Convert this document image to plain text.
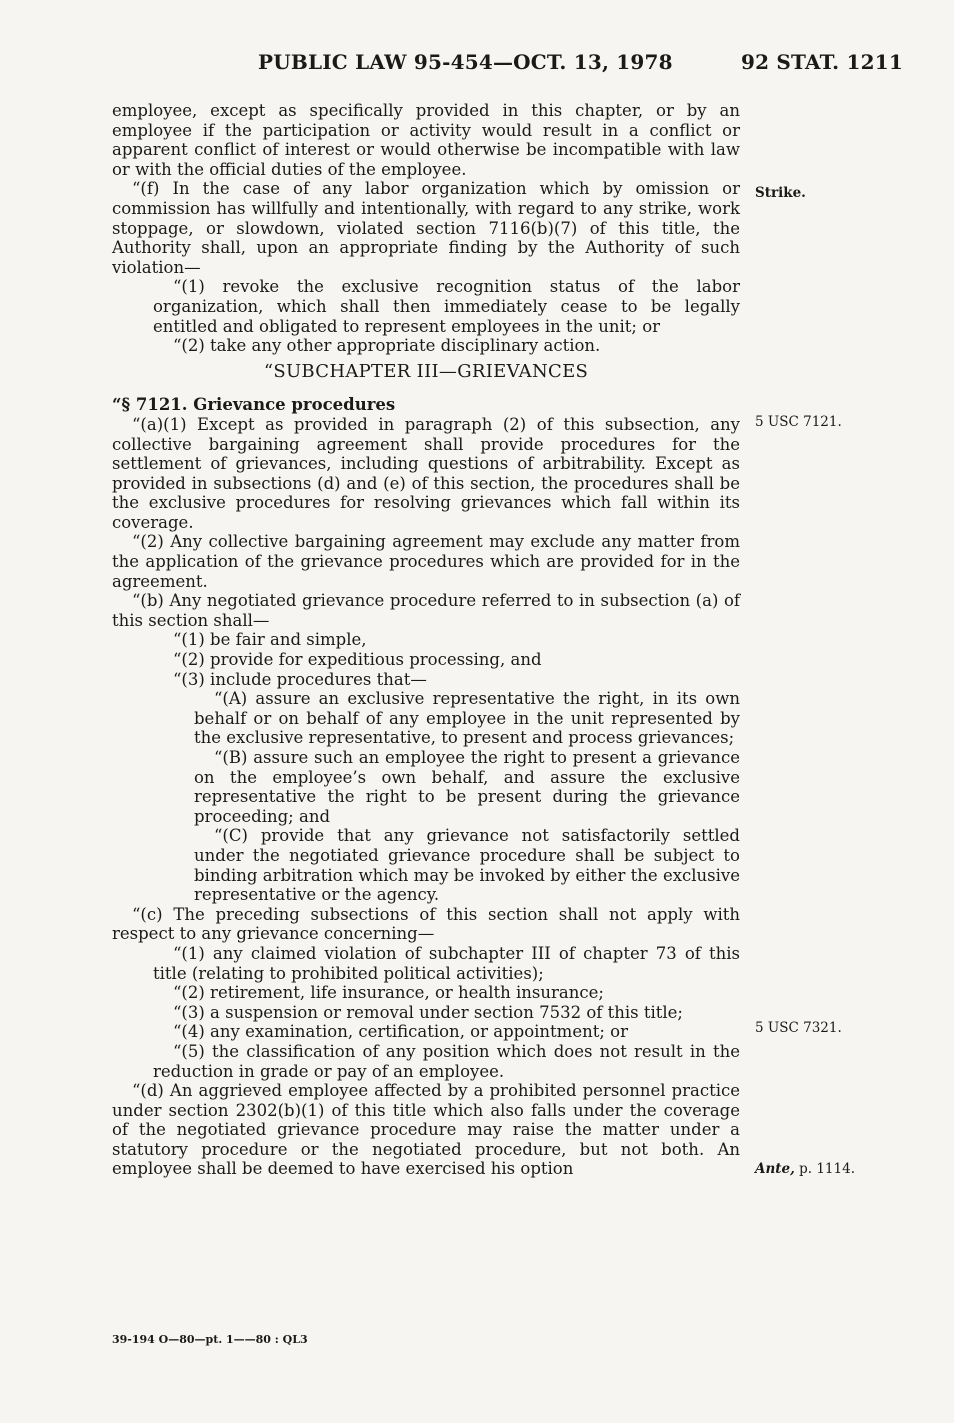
PUBLIC LAW 95-454—OCT. 13, 1978	92 STAT. 1211

employee, except as specifically provided in this chapter, or by an employee if the participation or activity would result in a conflict or apparent conflict of interest or would otherwise be incompatible with law or with the official duties of the employee.

“(f) In the case of any labor organization which by omission or commission has willfully and intentionally, with regard to any strike, work stoppage, or slowdown, violated section 7116(b)(7) of this title, the Authority shall, upon an appropriate finding by the Authority of such violation—

“(1) revoke the exclusive recognition status of the labor organization, which shall then immediately cease to be legally entitled and obligated to represent employees in the unit; or

“(2) take any other appropriate disciplinary action.

“SUBCHAPTER III—GRIEVANCES

“§ 7121. Grievance procedures

“(a)(1) Except as provided in paragraph (2) of this subsection, any collective bargaining agreement shall provide procedures for the settlement of grievances, including questions of arbitrability. Except as provided in subsections (d) and (e) of this section, the procedures shall be the exclusive procedures for resolving grievances which fall within its coverage.

“(2) Any collective bargaining agreement may exclude any matter from the application of the grievance procedures which are provided for in the agreement.

“(b) Any negotiated grievance procedure referred to in subsection (a) of this section shall—

“(1) be fair and simple,

“(2) provide for expeditious processing, and

“(3) include procedures that—

“(A) assure an exclusive representative the right, in its own behalf or on behalf of any employee in the unit represented by the exclusive representative, to present and process grievances;

“(B) assure such an employee the right to present a grievance on the employee’s own behalf, and assure the exclusive representative the right to be present during the grievance proceeding; and

“(C) provide that any grievance not satisfactorily settled under the negotiated grievance procedure shall be subject to binding arbitration which may be invoked by either the exclusive representative or the agency.

“(c) The preceding subsections of this section shall not apply with respect to any grievance concerning—

“(1) any claimed violation of subchapter III of chapter 73 of this title (relating to prohibited political activities);

“(2) retirement, life insurance, or health insurance;

“(3) a suspension or removal under section 7532 of this title;

“(4) any examination, certification, or appointment; or

“(5) the classification of any position which does not result in the reduction in grade or pay of an employee.

“(d) An aggrieved employee affected by a prohibited personnel practice under section 2302(b)(1) of this title which also falls under the coverage of the negotiated grievance procedure may raise the matter under a statutory procedure or the negotiated procedure, but not both. An employee shall be deemed to have exercised his option

Strike.
5 USC 7121.
5 USC 7321.
Ante, p. 1114.
39-194 O—80—pt. 1——80 : QL3
